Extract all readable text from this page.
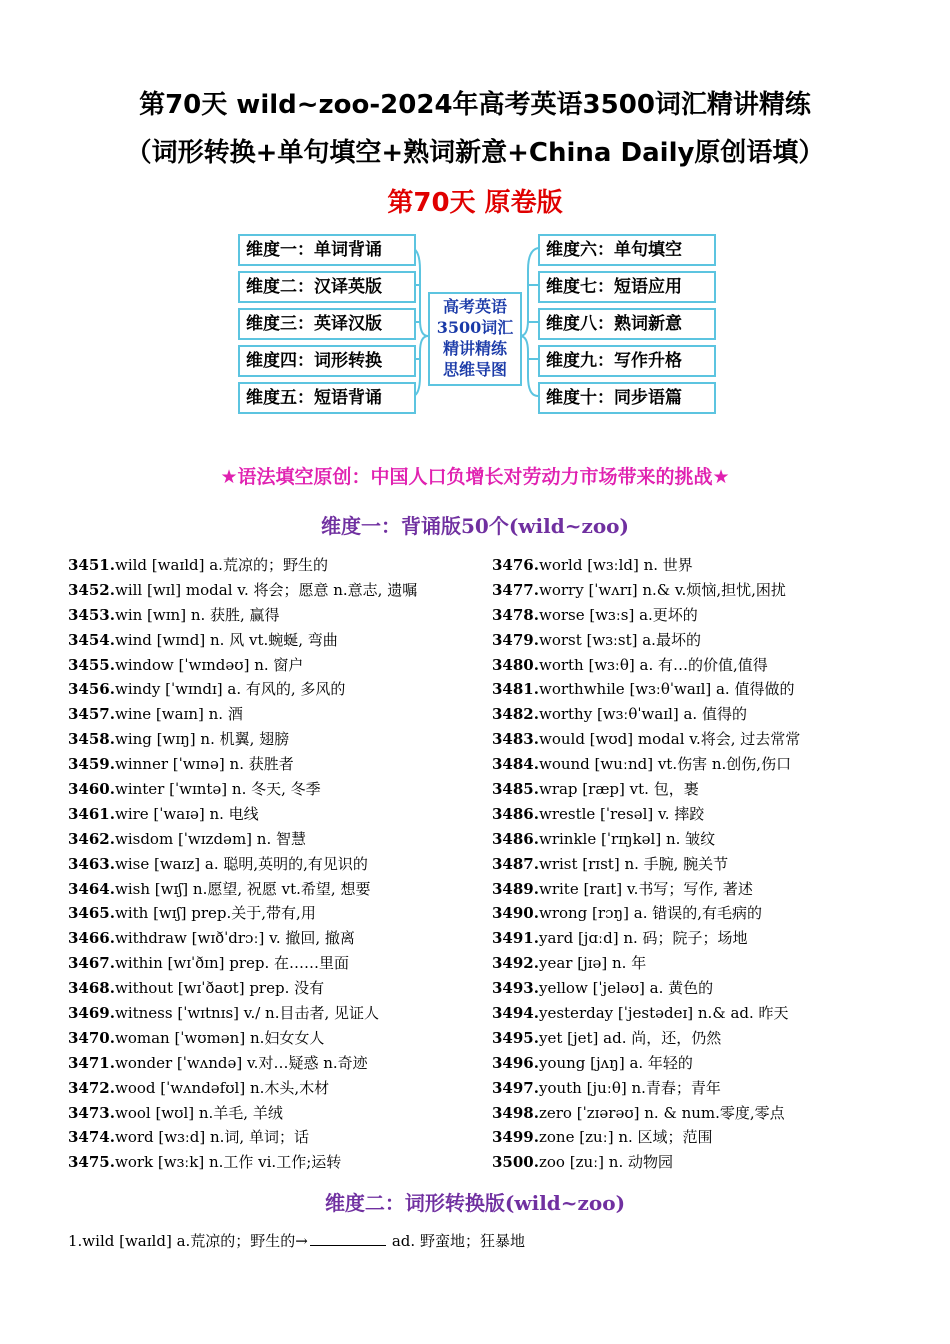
第70天 wild~zoo-2024年高考英语3500词汇精讲精练
（词形转换+单句填空+熟词新意+China Daily原创语填）
第70天 原卷版
维度一：单词背诵
维度二：汉译英版
维度三：英译汉版
维度四：词形转换
维度五：短语背诵
高考英语
3500词汇
精讲精练
思维导图
维度六：单句填空
维度七：短语应用
维度八：熟词新意
维度九：写作升格
维度十：同步语篇
★语法填空原创：中国人口负增长对劳动力市场带来的挑战★
维度一：背诵版50个(wild~zoo)
3451.wild [waɪld] a.荒凉的；野生的
3452.will [wɪl] modal v. 将会；愿意 n.意志, 遗嘱
3453.win [wɪn] n. 获胜, 赢得
3454.wind [wɪnd] n. 风 vt.蜿蜒, 弯曲
3455.window [ˈwɪndəʊ] n. 窗户
3456.windy [ˈwɪndɪ] a. 有风的, 多风的
3457.wine [waɪn] n. 酒
3458.wing [wɪŋ] n. 机翼, 翅膀
3459.winner [ˈwɪnə] n. 获胜者
3460.winter [ˈwɪntə] n. 冬天, 冬季
3461.wire [ˈwaɪə] n. 电线
3462.wisdom [ˈwɪzdəm] n. 智慧
3463.wise [waɪz] a. 聪明,英明的,有见识的
3464.wish [wɪʃ] n.愿望, 祝愿 vt.希望, 想要
3465.with [wɪʃ] prep.关于,带有,用
3466.withdraw [wɪðˈdrɔː] v. 撤回, 撤离
3467.within [wɪˈðɪn] prep. 在……里面
3468.without [wɪˈðaʊt] prep. 没有
3469.witness [ˈwɪtnɪs] v./ n.目击者, 见证人
3470.woman [ˈwʊmən] n.妇女女人
3471.wonder [ˈwʌndə] v.对…疑惑 n.奇迹
3472.wood [ˈwʌndəfʊl] n.木头,木材
3473.wool [wʊl] n.羊毛, 羊绒
3474.word [wɜːd] n.词, 单词；话
3475.work [wɜːk] n.工作 vi.工作;运转
3476.world [wɜːld] n. 世界
3477.worry [ˈwʌrɪ] n.& v.烦恼,担忧,困扰
3478.worse [wɜːs] a.更坏的
3479.worst [wɜːst] a.最坏的
3480.worth [wɜːθ] a. 有…的价值,值得
3481.worthwhile [wɜːθˈwaɪl] a. 值得做的
3482.worthy [wɜːθˈwaɪl] a. 值得的
3483.would [wʊd] modal v.将会, 过去常常
3484.wound [wuːnd] vt.伤害 n.创伤,伤口
3485.wrap [ræp] vt. 包，裹
3486.wrestle [ˈresəl] v. 摔跤
3486.wrinkle [ˈrɪŋkəl] n. 皱纹
3487.wrist [rɪst] n. 手腕, 腕关节
3489.write [raɪt] v.书写；写作, 著述
3490.wrong [rɔŋ] a. 错误的,有毛病的
3491.yard [jɑːd] n. 码；院子；场地
3492.year [jɪə] n. 年
3493.yellow [ˈjeləʊ] a. 黄色的
3494.yesterday [ˈjestədeɪ] n.& ad. 昨天
3495.yet [jet] ad. 尚，还，仍然
3496.young [jʌŋ] a. 年轻的
3497.youth [juːθ] n.青春；青年
3498.zero [ˈzɪərəʊ] n. & num.零度,零点
3499.zone [zuː] n. 区域；范围
3500.zoo [zuː] n. 动物园
维度二：词形转换版(wild~zoo)
1.wild [waɪld] a.荒凉的；野生的→	ad. 野蛮地；狂暴地
